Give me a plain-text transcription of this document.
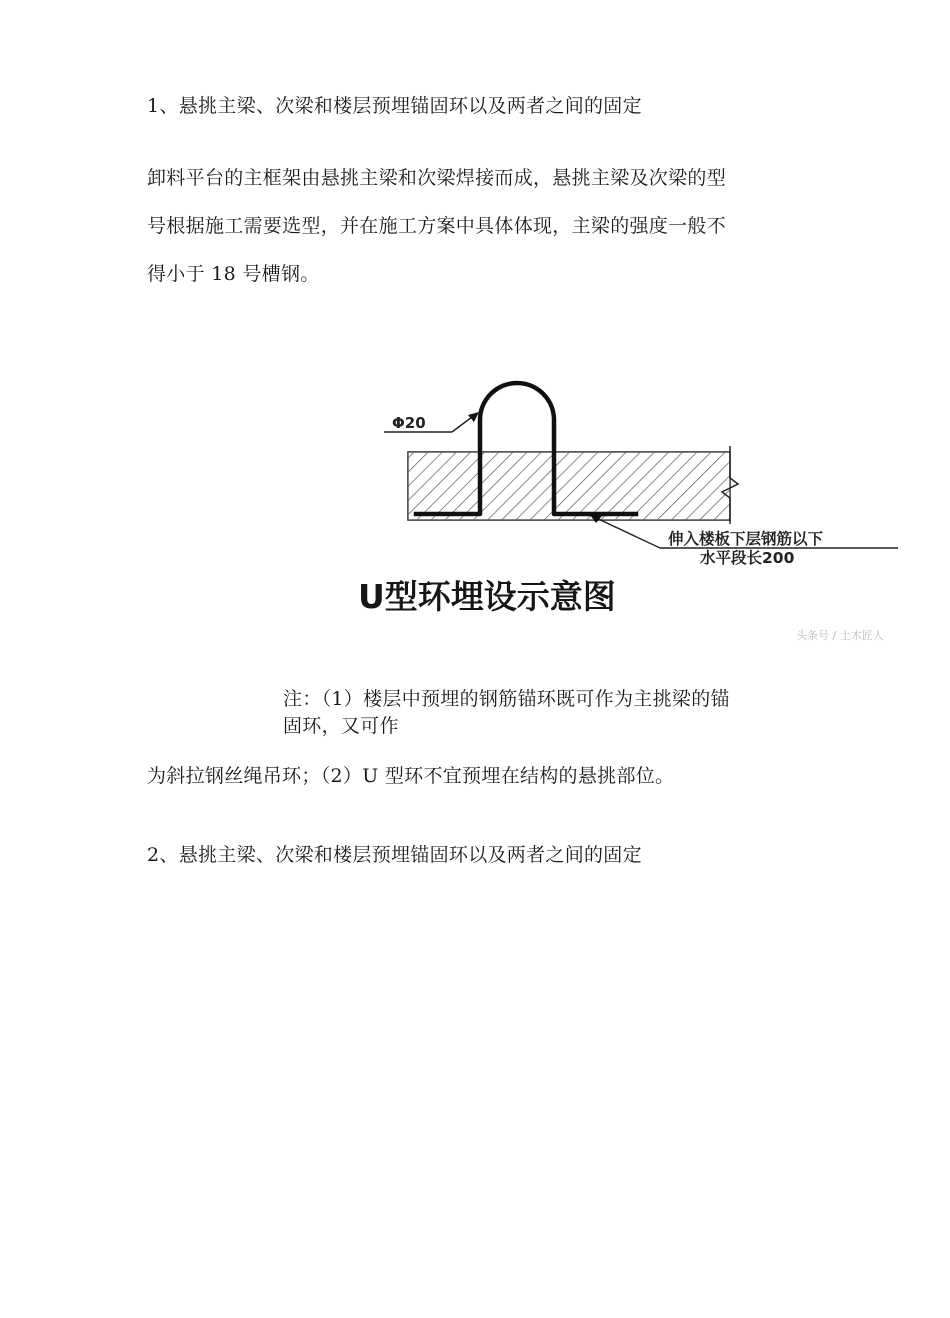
1、悬挑主梁、次梁和楼层预埋锚固环以及两者之间的固定
卸料平台的主框架由悬挑主梁和次梁焊接而成，悬挑主梁及次梁的型
号根据施工需要选型，并在施工方案中具体体现，主梁的强度一般不
得小于 18 号槽钢。
Φ20
伸入楼板下层钢筋以下
水平段长200
U型环埋设示意图
头条号 / 土木匠人
注：（1）楼层中预埋的钢筋锚环既可作为主挑梁的锚
固环，又可作
为斜拉钢丝绳吊环；（2）U 型环不宜预埋在结构的悬挑部位。
2、悬挑主梁、次梁和楼层预埋锚固环以及两者之间的固定
